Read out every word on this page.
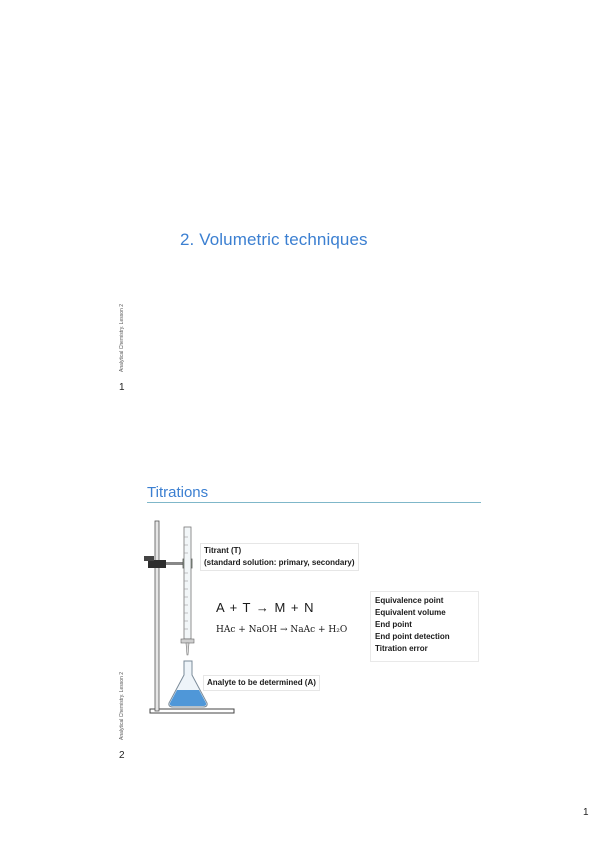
2. Volumetric techniques
Analytical Chemistry. Lesson 2
1
Titrations
Titrant (T)
(standard solution: primary, secondary)
A + T → M + N
HAc + NaOH → NaAc + H₂O
Analyte to be determined (A)
Equivalence point
Equivalent volume
End point
End point detection
Titration error
Analytical Chemistry. Lesson 2
2
1
